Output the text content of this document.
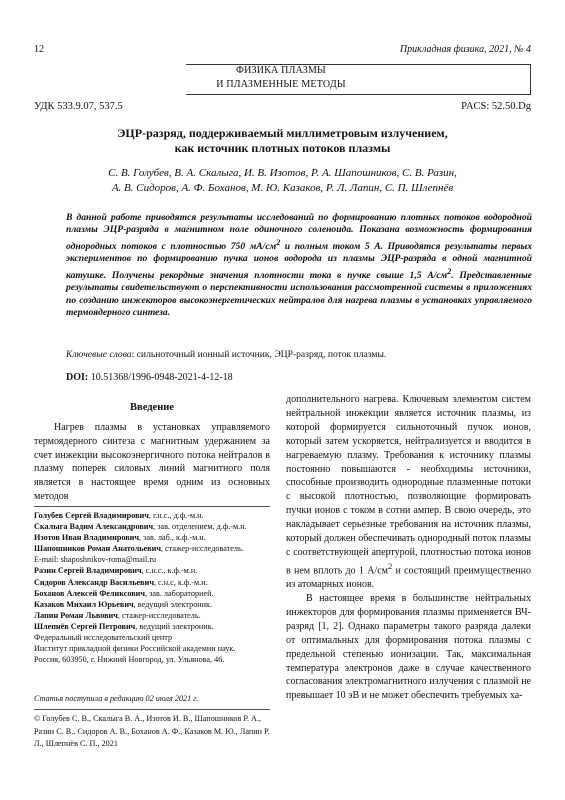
12	Прикладная физика, 2021, № 4
ФИЗИКА ПЛАЗМЫ
И ПЛАЗМЕННЫЕ МЕТОДЫ
УДК 533.9.07, 537.5	PACS: 52.50.Dg
ЭЦР-разряд, поддерживаемый миллиметровым излучением,
как источник плотных потоков плазмы
С. В. Голубев, В. А. Скалыга, И. В. Изотов, Р. А. Шапошников, С. В. Разин,
А. В. Сидоров, А. Ф. Боханов, М. Ю. Казаков, Р. Л. Лапин, С. П. Шлепнёв
В данной работе приводятся результаты исследований по формированию плотных потоков водородной плазмы ЭЦР-разряда в магнитном поле одиночного соленоида. Показана возможность формирования однородных потоков с плотностью 750 $мА/см^2$ и полным током 5 А. Приводятся результаты первых экспериментов по формированию пучка ионов водорода из плазмы ЭЦР-разряда в одной магнитной катушке. Получены рекордные значения плотности тока в пучке свыше 1,5 $А/см^2$. Представленные результаты свидетельствуют о перспективности использования рассмотренной системы в приложениях по созданию инжекторов высокоэнергетических нейтралов для нагрева плазмы в установках управляемого термоядерного синтеза.
Ключевые слова: сильноточный ионный источник, ЭЦР-разряд, поток плазмы.
DOI: 10.51368/1996-0948-2021-4-12-18
Введение

Нагрев плазмы в установках управляемого термоядерного синтеза с магнитным удержанием за счет инжекции высокоэнергичного потока нейтралов в плазму поперек силовых линий магнитного поля является в настоящее время одним из основных методов

Голубев Сергей Владимирович, г.н.с., д.ф.-м.н.
Скалыга Вадим Александрович, зав. отделением, д.ф.-м.н.
Изотов Иван Владимирович, зав. лаб., к.ф.-м.н.
Шапошников Роман Анатольевич, стажер-исследователь.
E-mail: shaposhnikov-roma@mail.ru
Разин Сергей Владимирович, с.н.с., к.ф.-м.н.
Сидоров Александр Васильевич, с.н.с, к.ф.-м.н.
Боханов Алексей Феликсович, зав. лабораторией.
Казаков Михаил Юрьевич, ведущий электроник.
Лапин Роман Львович, стажер-исследователь.
Шлепнёв Сергей Петрович, ведущий электроник.
Федеральный исследовательский центр
Институт прикладной физики Российской академии наук.
Россия, 603950, г. Нижний Новгород, ул. Ульянова, 46.
Статья поступила в редакцию 02 июля 2021 г.
© Голубев С. В., Скалыга В. А., Изотов И. В., Шапошников Р. А., Разин С. В., Сидоров А. В., Боханов А. Ф., Казаков М. Ю., Лапин Р. Л., Шлепнёв С. П., 2021

дополнительного нагрева. Ключевым элементом систем нейтральной инжекции является источник плазмы, из которой формируется сильноточный пучок ионов, который затем ускоряется, нейтрализуется и вводится в нагреваемую плазму. Требования к источнику плазмы постоянно повышаются - необходимы источники, способные производить однородные плазменные потоки с высокой плотностью, позволяющие формировать пучки ионов с током в сотни ампер. В свою очередь, это накладывает серьезные требования на источник плазмы, который должен обеспечивать однородный поток плазмы с соответствующей апертурой, плотностью потока ионов в нем вплоть до 1 $А/см^2$ и состоящий преимущественно из атомарных ионов.

В настоящее время в большинстве нейтральных инжекторов для формирования плазмы применяется ВЧ-разряд [1, 2]. Однако параметры такого разряда далеки от оптимальных для формирования потока плазмы с предельной степенью ионизации. Так, максимальная температура электронов даже в случае качественного согласования электромагнитного излучения с плазмой не превышает 10 эВ и не может обеспечить требуемых ха-
